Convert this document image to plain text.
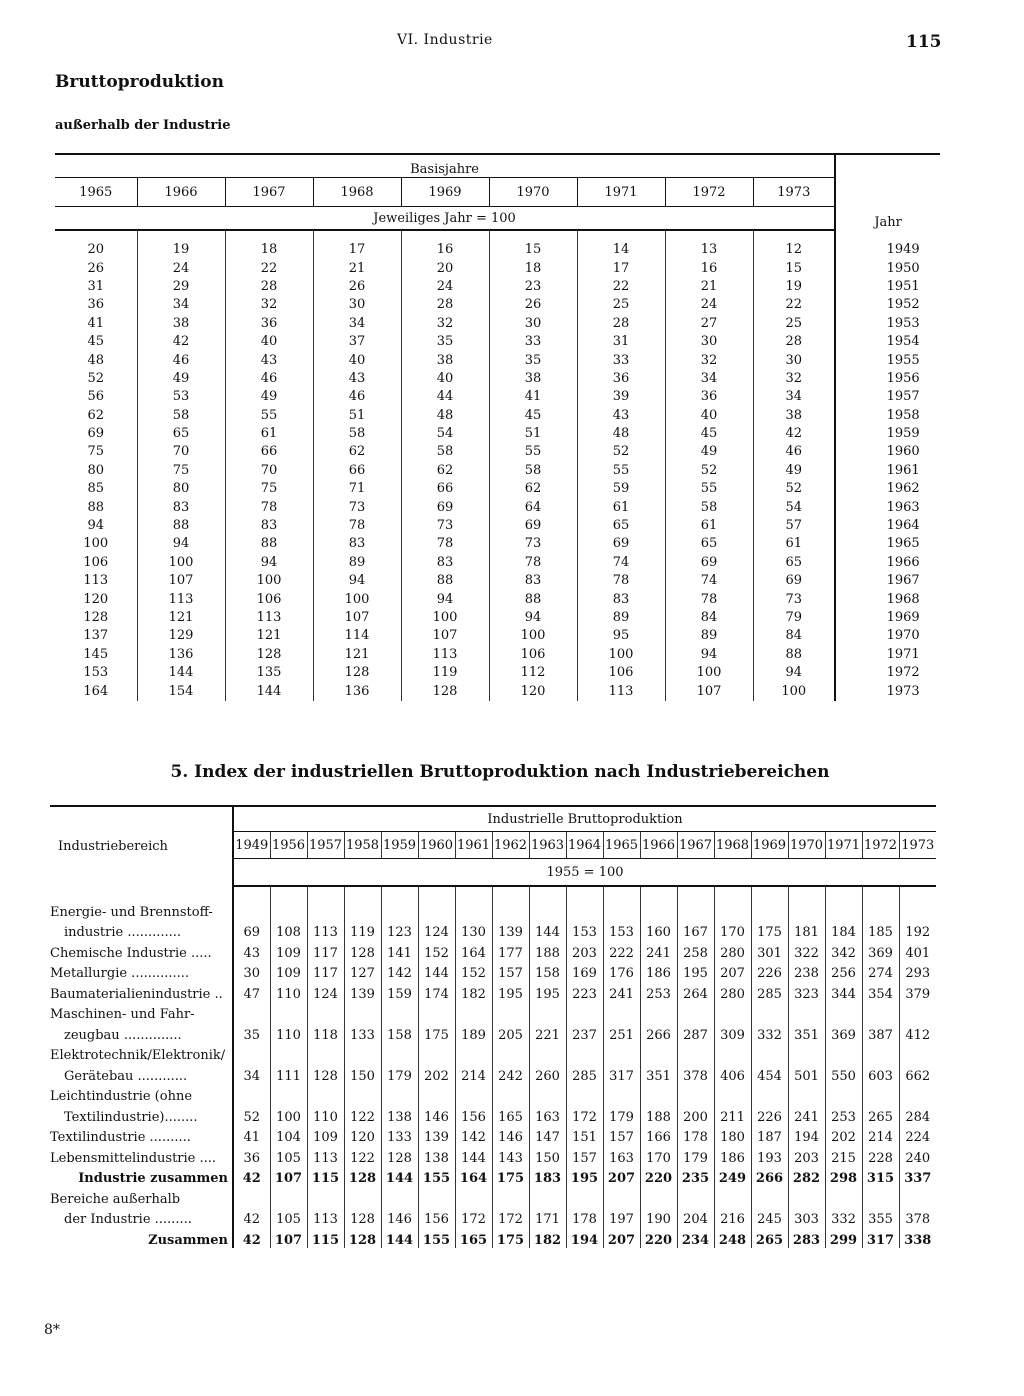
VI. Industrie	115
Bruttoproduktion
außerhalb der Industrie
Basisjahre									Jahr
1965	1966	1967	1968	1969	1970	1971	1972	1973	
Jeweiliges Jahr = 100									
20	19	18	17	16	15	14	13	12	1949
26	24	22	21	20	18	17	16	15	1950
31	29	28	26	24	23	22	21	19	1951
36	34	32	30	28	26	25	24	22	1952
41	38	36	34	32	30	28	27	25	1953
45	42	40	37	35	33	31	30	28	1954
48	46	43	40	38	35	33	32	30	1955
52	49	46	43	40	38	36	34	32	1956
56	53	49	46	44	41	39	36	34	1957
62	58	55	51	48	45	43	40	38	1958
69	65	61	58	54	51	48	45	42	1959
75	70	66	62	58	55	52	49	46	1960
80	75	70	66	62	58	55	52	49	1961
85	80	75	71	66	62	59	55	52	1962
88	83	78	73	69	64	61	58	54	1963
94	88	83	78	73	69	65	61	57	1964
100	94	88	83	78	73	69	65	61	1965
106	100	94	89	83	78	74	69	65	1966
113	107	100	94	88	83	78	74	69	1967
120	113	106	100	94	88	83	78	73	1968
128	121	113	107	100	94	89	84	79	1969
137	129	121	114	107	100	95	89	84	1970
145	136	128	121	113	106	100	94	88	1971
153	144	135	128	119	112	106	100	94	1972
164	154	144	136	128	120	113	107	100	1973
5. Index der industriellen Bruttoproduktion nach Industriebereichen
Industriebereich	Industrielle Bruttoproduktion																		
	1949	1956	1957	1958	1959	1960	1961	1962	1963	1964	1965	1966	1967	1968	1969	1970	1971	1972	1973
	1955 = 100																		

Energie- und Brennstoff-																			
industrie .............	69	108	113	119	123	124	130	139	144	153	153	160	167	170	175	181	184	185	192
Chemische Industrie .....	43	109	117	128	141	152	164	177	188	203	222	241	258	280	301	322	342	369	401
Metallurgie ..............	30	109	117	127	142	144	152	157	158	169	176	186	195	207	226	238	256	274	293
Baumaterialienindustrie ..	47	110	124	139	159	174	182	195	195	223	241	253	264	280	285	323	344	354	379
Maschinen- und Fahr-																			
zeugbau ..............	35	110	118	133	158	175	189	205	221	237	251	266	287	309	332	351	369	387	412
Elektrotechnik/Elektronik/																			
Gerätebau ............	34	111	128	150	179	202	214	242	260	285	317	351	378	406	454	501	550	603	662
Leichtindustrie (ohne																			
Textilindustrie)........	52	100	110	122	138	146	156	165	163	172	179	188	200	211	226	241	253	265	284
Textilindustrie ..........	41	104	109	120	133	139	142	146	147	151	157	166	178	180	187	194	202	214	224
Lebensmittelindustrie ....	36	105	113	122	128	138	144	143	150	157	163	170	179	186	193	203	215	228	240
Industrie zusammen	42	107	115	128	144	155	164	175	183	195	207	220	235	249	266	282	298	315	337
Bereiche außerhalb																			
der Industrie .........	42	105	113	128	146	156	172	172	171	178	197	190	204	216	245	303	332	355	378
Zusammen	42	107	115	128	144	155	165	175	182	194	207	220	234	248	265	283	299	317	338
8*
